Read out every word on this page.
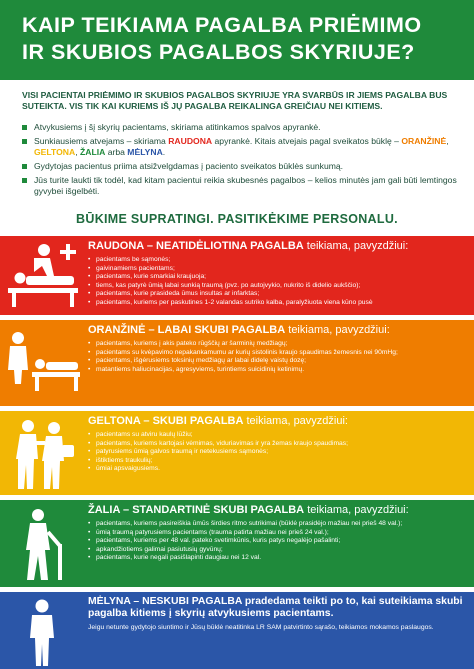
KAIP TEIKIAMA PAGALBA PRIĖMIMO
IR SKUBIOS PAGALBOS SKYRIUJE?

VISI PACIENTAI PRIĖMIMO IR SKUBIOS PAGALBOS SKYRIUJE YRA SVARBŪS IR JIEMS PAGALBA BUS SUTEIKTA. VIS TIK KAI KURIEMS IŠ JŲ PAGALBA REIKALINGA GREIČIAU NEI KITIEMS.

Atvykusiems į šį skyrių pacientams, skiriama atitinkamos spalvos apyrankė.
Sunkiausiems atvejams – skiriama RAUDONA apyrankė. Kitais atvejais pagal sveikatos būklę – ORANŽINĖ, GELTONA, ŽALIA arba MĖLYNA.
Gydytojas pacientus priima atsižvelgdamas į paciento sveikatos būklės sunkumą.
Jūs turite laukti tik todėl, kad kitam pacientui reikia skubesnės pagalbos – kelios minutės jam gali būti lemtingos gyvybei išgelbėti.
BŪKIME SUPRATINGI. PASITIKĖKIME PERSONALU.
RAUDONA – NEATIDĖLIOTINA PAGALBA teikiama, pavyzdžiui:
• pacientams be sąmonės;
• gaivinamiems pacientams;
• pacientams, kurie smarkiai kraujuoja;
• tiems, kas patyrė ūmią labai sunkią traumą (pvz. po autojvykio, nukrito iš didelio aukščio);
• pacientams, kurie prasideda ūmus insultas ar infarktas;
• pacientams, kuriems per paskutines 1-2 valandas sutriko kalba, paralyžiuota viena kūno pusė
ORANŽINĖ – LABAI SKUBI PAGALBA teikiama, pavyzdžiui:
• pacientams, kuriems į akis pateko rūgščių ar šarminių medžiagų;
• pacientams su kvėpavimo nepakankamumu ar kurių sistolinis kraujo spaudimas žemesnis nei 90mHg;
• pacientams, išgėrusiems toksinių medžiagų ar labai didelę vaistų dozę;
• matantiems haliucinacijas, agresyviems, turintiems suicidinių ketinimų.
GELTONA – SKUBI PAGALBA teikiama, pavyzdžiui:
• pacientams su atviru kaulų lūžiu;
• pacientams, kuriems kartojasi vėmimas, viduriavimas ir yra žemas kraujo spaudimas;
• patyrusiems ūmią galvos traumą ir netekusiems sąmonės;
• ištiktiems traukulių;
• ūmiai apsvaigusiems.
ŽALIA – STANDARTINĖ SKUBI PAGALBA teikiama, pavyzdžiui:
• pacientams, kuriems pasireiškia ūmūs širdies ritmo sutrikimai (būklė prasidėjo mažiau nei prieš 48 val.);
• ūmią traumą patyrusiems pacientams (trauma patirta mažiau nei prieš 24 val.);
• pacientams, kuriems per 48 val. pateko svetimkūnis, kuris patys negalėjo pašalinti;
• apkandžiotiems galimai pasiutusių gyvūnų;
• pacientams, kurie negali pasišlapinti daugiau nei 12 val.
MĖLYNA – NESKUBI PAGALBA pradedama teikti po to, kai suteikiama skubi pagalba kitiems į skyrių atvykusiems pacientams.
Jeigu netunte gydytojo siuntimo ir Jūsų būklė neatitinka LR SAM patvirtinto sąrašo, teikiamos mokamos paslaugos.
